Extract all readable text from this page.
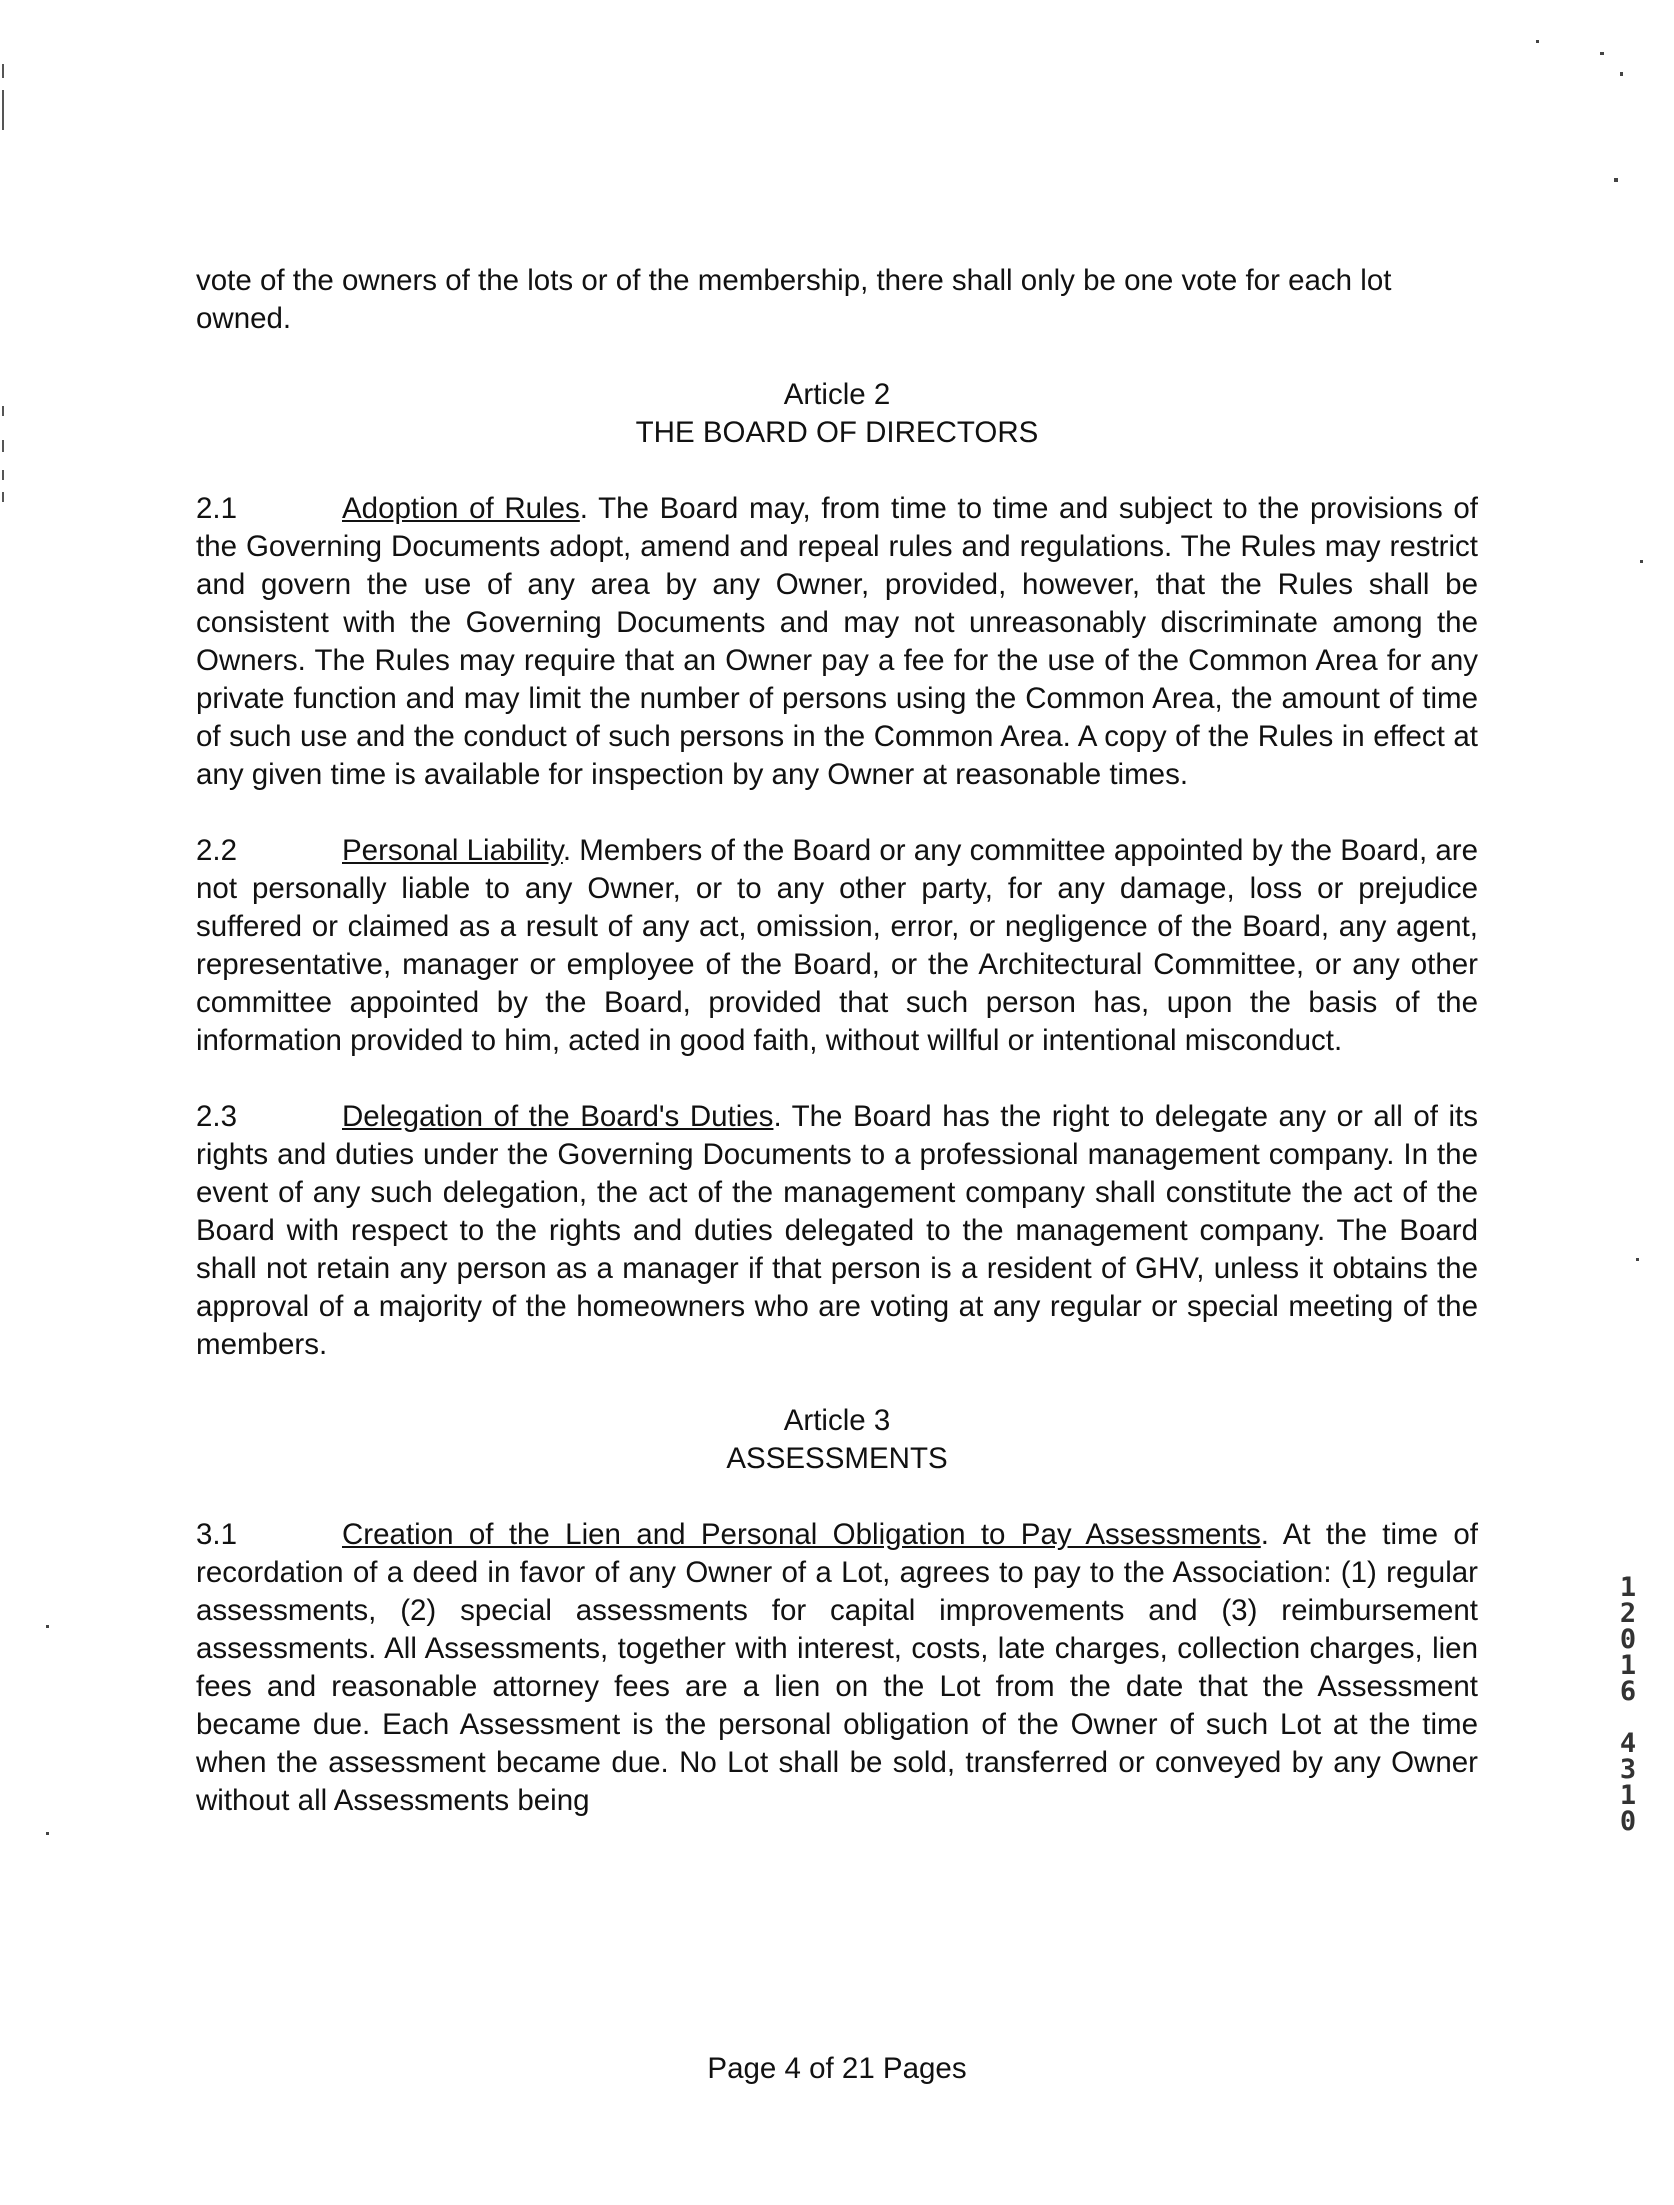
vote of the owners of the lots or of the membership, there shall only be one vote for each lot owned.

Article 2
THE BOARD OF DIRECTORS

2.1	Adoption of Rules. The Board may, from time to time and subject to the provisions of the Governing Documents adopt, amend and repeal rules and regulations. The Rules may restrict and govern the use of any area by any Owner, provided, however, that the Rules shall be consistent with the Governing Documents and may not unreasonably discriminate among the Owners. The Rules may require that an Owner pay a fee for the use of the Common Area for any private function and may limit the number of persons using the Common Area, the amount of time of such use and the conduct of such persons in the Common Area. A copy of the Rules in effect at any given time is available for inspection by any Owner at reasonable times.

2.2	Personal Liability. Members of the Board or any committee appointed by the Board, are not personally liable to any Owner, or to any other party, for any damage, loss or prejudice suffered or claimed as a result of any act, omission, error, or negligence of the Board, any agent, representative, manager or employee of the Board, or the Architectural Committee, or any other committee appointed by the Board, provided that such person has, upon the basis of the information provided to him, acted in good faith, without willful or intentional misconduct.

2.3	Delegation of the Board's Duties. The Board has the right to delegate any or all of its rights and duties under the Governing Documents to a professional management company. In the event of any such delegation, the act of the management company shall constitute the act of the Board with respect to the rights and duties delegated to the management company. The Board shall not retain any person as a manager if that person is a resident of GHV, unless it obtains the approval of a majority of the homeowners who are voting at any regular or special meeting of the members.

Article 3
ASSESSMENTS

3.1	Creation of the Lien and Personal Obligation to Pay Assessments. At the time of recordation of a deed in favor of any Owner of a Lot, agrees to pay to the Association: (1) regular assessments, (2) special assessments for capital improvements and (3) reimbursement assessments. All Assessments, together with interest, costs, late charges, collection charges, lien fees and reasonable attorney fees are a lien on the Lot from the date that the Assessment became due. Each Assessment is the personal obligation of the Owner of such Lot at the time when the assessment became due. No Lot shall be sold, transferred or conveyed by any Owner without all Assessments being

1
2
0
1
6
4
3
1
0
Page 4 of 21 Pages
